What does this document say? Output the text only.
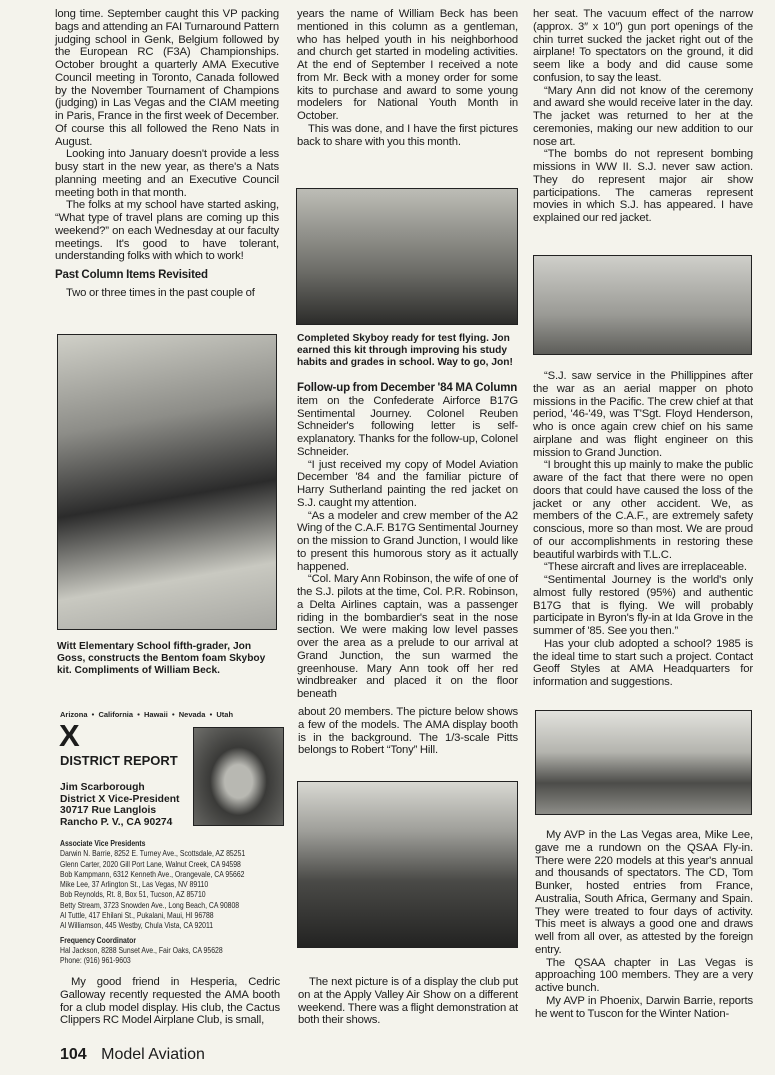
long time. September caught this VP packing bags and attending an FAI Turnaround Pattern judging school in Genk, Belgium followed by the European RC (F3A) Championships. October brought a quarterly AMA Executive Council meeting in Toronto, Canada followed by the November Tournament of Champions (judging) in Las Vegas and the CIAM meeting in Paris, France in the first week of December. Of course this all followed the Reno Nats in August.

Looking into January doesn't provide a less busy start in the new year, as there's a Nats planning meeting and an Executive Council meeting both in that month.

The folks at my school have started asking, “What type of travel plans are coming up this weekend?” on each Wednesday at our faculty meetings. It's good to have tolerant, understanding folks with which to work!

Past Column Items Revisited

Two or three times in the past couple of

Witt Elementary School fifth-grader, Jon Goss, constructs the Bentom foam Skyboy kit. Compliments of William Beck.

years the name of William Beck has been mentioned in this column as a gentleman, who has helped youth in his neighborhood and church get started in modeling activities. At the end of September I received a note from Mr. Beck with a money order for some kits to purchase and award to some young modelers for National Youth Month in October.

This was done, and I have the first pictures back to share with you this month.

Completed Skyboy ready for test flying. Jon earned this kit through improving his study habits and grades in school. Way to go, Jon!
Follow-up from December '84 MA Column

item on the Confederate Airforce B17G Sentimental Journey. Colonel Reuben Schneider's following letter is self-explanatory. Thanks for the follow-up, Colonel Schneider.

“I just received my copy of Model Aviation December '84 and the familiar picture of Harry Sutherland painting the red jacket on S.J. caught my attention.

“As a modeler and crew member of the A2 Wing of the C.A.F. B17G Sentimental Journey on the mission to Grand Junction, I would like to present this humorous story as it actually happened.

“Col. Mary Ann Robinson, the wife of one of the S.J. pilots at the time, Col. P.R. Robinson, a Delta Airlines captain, was a passenger riding in the bombardier's seat in the nose section. We were making low level passes over the area as a prelude to our arrival at Grand Junction, the sun warmed the greenhouse. Mary Ann took off her red windbreaker and placed it on the floor beneath

her seat. The vacuum effect of the narrow (approx. 3″ x 10″) gun port openings of the chin turret sucked the jacket right out of the airplane! To spectators on the ground, it did seem like a body and did cause some confusion, to say the least.

“Mary Ann did not know of the ceremony and award she would receive later in the day. The jacket was returned to her at the ceremonies, making our new addition to our nose art.

“The bombs do not represent bombing missions in WW II. S.J. never saw action. They do represent major air show participations. The cameras represent movies in which S.J. has appeared. I have explained our red jacket.

“S.J. saw service in the Phillippines after the war as an aerial mapper on photo missions in the Pacific. The crew chief at that period, '46-'49, was T'Sgt. Floyd Henderson, who is once again crew chief on his same airplane and was flight engineer on this mission to Grand Junction.

“I brought this up mainly to make the public aware of the fact that there were no open doors that could have caused the loss of the jacket or any other accident. We, as members of the C.A.F., are extremely safety conscious, more so than most. We are proud of our accomplishments in restoring these beautiful warbirds with T.L.C.

“These aircraft and lives are irreplaceable.

“Sentimental Journey is the world's only almost fully restored (95%) and authentic B17G that is flying. We will probably participate in Byron's fly-in at Ida Grove in the summer of '85. See you then.”

Has your club adopted a school? 1985 is the ideal time to start such a project. Contact Geoff Styles at AMA Headquarters for information and suggestions.

Arizona  •  California  •  Hawaii  •  Nevada  •  Utah
X
DISTRICT REPORT
Jim Scarborough
District X Vice-President
30717 Rue Langlois
Rancho P. V., CA 90274
Associate Vice Presidents
Darwin N. Barrie, 8252 E. Turney Ave., Scottsdale, AZ 85251
Glenn Carter, 2020 Gill Port Lane, Walnut Creek, CA 94598
Bob Kampmann, 6312 Kenneth Ave., Orangevale, CA 95662
Mike Lee, 37 Arlington St., Las Vegas, NV 89110
Bob Reynolds, Rt. 8, Box 51, Tucson, AZ 85710
Betty Stream, 3723 Snowden Ave., Long Beach, CA 90808
Al Tuttle, 417 Ehilani St., Pukalani, Maui, HI 96788
Al Williamson, 445 Westby, Chula Vista, CA 92011
Frequency Coordinator
Hal Jackson, 8288 Sunset Ave., Fair Oaks, CA 95628
Phone: (916) 961-9603

My good friend in Hesperia, Cedric Galloway recently requested the AMA booth for a club model display. His club, the Cactus Clippers RC Model Airplane Club, is small,

104 Model Aviation

about 20 members. The picture below shows a few of the models. The AMA display booth is in the background. The 1/3-scale Pitts belongs to Robert “Tony” Hill.

The next picture is of a display the club put on at the Apply Valley Air Show on a different weekend. There was a flight demonstration at both their shows.

My AVP in the Las Vegas area, Mike Lee, gave me a rundown on the QSAA Fly-in. There were 220 models at this year's annual and thousands of spectators. The CD, Tom Bunker, hosted entries from France, Australia, South Africa, Germany and Spain. They were treated to four days of activity. This meet is always a good one and draws well from all over, as attested by the foreign entry.

The QSAA chapter in Las Vegas is approaching 100 members. They are a very active bunch.

My AVP in Phoenix, Darwin Barrie, reports he went to Tuscon for the Winter Nation-
